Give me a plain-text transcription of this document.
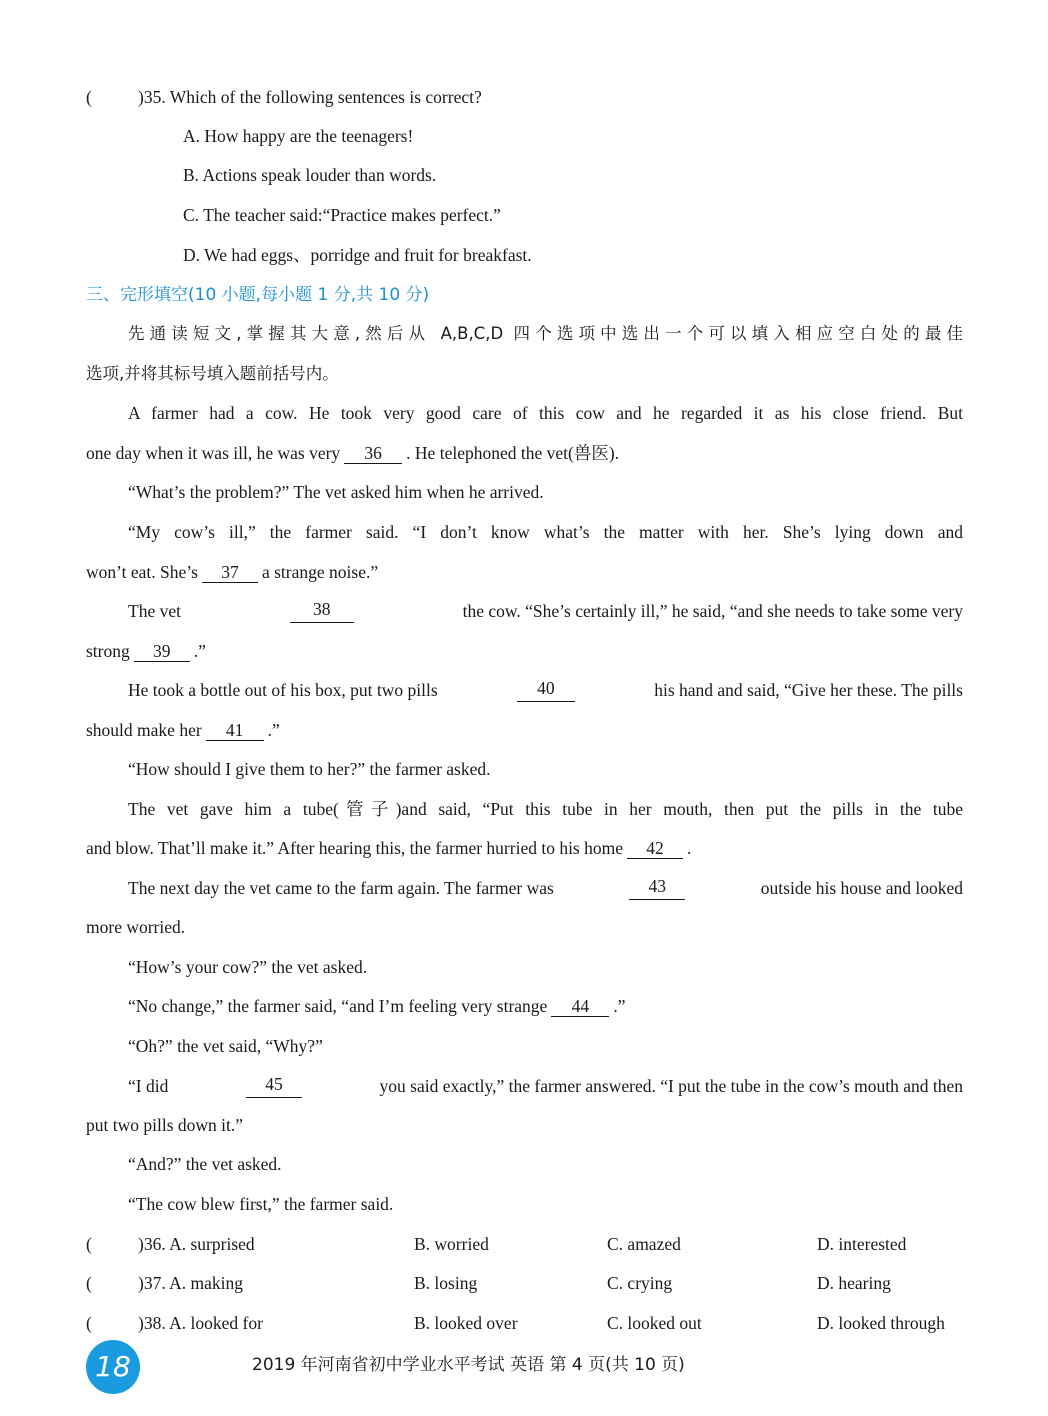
(	)35. Which of the following sentences is correct?
A. How happy are the teenagers!
B. Actions speak louder than words.
C. The teacher said:“Practice makes perfect.”
D. We had eggs、porridge and fruit for breakfast.
三、完形填空(10 小题,每小题 1 分,共 10 分)
先通读短文,掌握其大意,然后从 A,B,C,D 四个选项中选出一个可以填入相应空白处的最佳
选项,并将其标号填入题前括号内。
A farmer had a cow. He took very good care of this cow and he regarded it as his close friend. But
one day when it was ill, he was very 36 . He telephoned the vet(兽医).
“What’s the problem?” The vet asked him when he arrived.
“My cow’s ill,” the farmer said. “I don’t know what’s the matter with her. She’s lying down and
won’t eat. She’s 37 a strange noise.”
The vet	38	the cow. “She’s certainly ill,” he said, “and she needs to take some very
strong 39 .”
He took a bottle out of his box, put two pills	40	his hand and said, “Give her these. The pills
should make her 41 .”
“How should I give them to her?” the farmer asked.
The vet gave him a tube(管子)and said, “Put this tube in her mouth, then put the pills in the tube
and blow. That’ll make it.” After hearing this, the farmer hurried to his home 42 .
The next day the vet came to the farm again. The farmer was	43	outside his house and looked
more worried.
“How’s your cow?” the vet asked.
“No change,” the farmer said, “and I’m feeling very strange 44 .”
“Oh?” the vet said, “Why?”
“I did	45	you said exactly,” the farmer answered. “I put the tube in the cow’s mouth and then
put two pills down it.”
“And?” the vet asked.
“The cow blew first,” the farmer said.
(	)36. A. surprised	B. worried	C. amazed	D. interested
(	)37. A. making	B. losing	C. crying	D. hearing
(	)38. A. looked for	B. looked over	C. looked out	D. looked through
18	2019 年河南省初中学业水平考试 英语 第 4 页(共 10 页)
